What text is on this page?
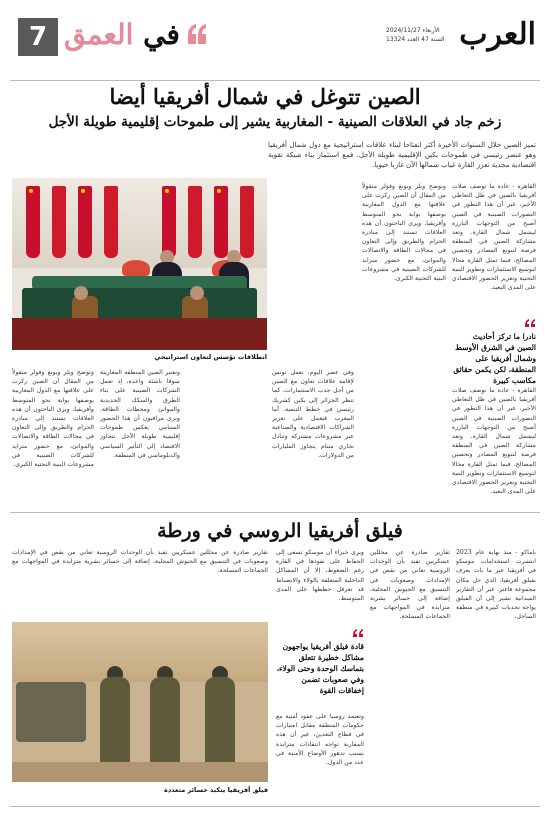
العرب
الأربعاء 2024/11/27
السنة 47 العدد 13324
7	في العمق
الصين تتوغل في شمال أفريقيا أيضا
زخم جاد في العلاقات الصينية - المغاربية يشير إلى طموحات إقليمية طويلة الأجل
تميز الصين خلال السنوات الأخيرة أكثر انفتاحا لبناء علاقات استراتيجية مع دول شمال أفريقيا وهو عنصر رئيسي في طموحات بكين الإقليمية طويلة الأجل. فمع استثمار بناء شبكة تقوية اقتصادية مجدية تعزز القارة غياب شمالها الآن غاربا حيويا.
انطلاقات تؤسس لتعاون استراتيجي
القاهرة - عادة ما توصف صلات أفريقيا بالصين في ظل التعاطي الأخير، غير أن هذا التطور في التصورات الصينية في الصين أصبح من التوجهات البارزة ليشمل شمال القارة. وتعد مشاركة الصين في المنطقة فرصة لتنويع المصادر وتحصين المصالح، فيما تمثل القارة مجالا لتوسيع الاستثمارات وتطوير البنية التحتية وتعزيز الحضور الاقتصادي على المدى البعيد.
وتوضح ويلز ويونغ وفولر منقولاً من المقال أن الصين ركزت على علاقتها مع الدول المغاربية بوصفها بوابة نحو المتوسط وأفريقيا. ويرى الباحثون أن هذه العلاقات تستند إلى مبادرة الحزام والطريق وإلى التعاون في مجالات الطاقة والاتصالات والموانئ، مع حضور متزايد للشركات الصينية في مشروعات البنية التحتية الكبرى.
نادرا ما تركز أحاديث الصين في الشرق الأوسط وشمال أفريقيا على المنطقة، لكن يكمن حقائق مكاسب كبيرة
القاهرة - عادة ما توصف صلات أفريقيا بالصين في ظل التعاطي الأخير، غير أن هذا التطور في التصورات الصينية في الصين أصبح من التوجهات البارزة ليشمل شمال القارة. وتعد مشاركة الصين في المنطقة فرصة لتنويع المصادر وتحصين المصالح، فيما تمثل القارة مجالا لتوسيع الاستثمارات وتطوير البنية التحتية وتعزيز الحضور الاقتصادي على المدى البعيد.
وفي عصر اليوم، تعمل تونس لإقامة علاقات تعاون مع الصين من أجل جذب الاستثمارات، كما تنظر الجزائر إلى بكين كشريك رئيسي في خطط التنمية. أما المغرب فيعمل على تعزيز الشراكات الاقتصادية والصناعية عبر مشروعات مشتركة وتبادل تجاري متنام يتجاوز المليارات من الدولارات.
وتعتبر الصين المنطقة المغاربية سوقا ناشئة واعدة، إذ تعمل الشركات الصينية على بناء الطرق والسكك الحديدية والموانئ ومحطات الطاقة. ويرى مراقبون أن هذا الحضور المتنامي يعكس طموحات إقليمية طويلة الأجل تتجاوز الاقتصاد إلى التأثير السياسي والدبلوماسي في المنطقة.
وتوضح ويلز ويونغ وفولر منقولاً من المقال أن الصين ركزت على علاقتها مع الدول المغاربية بوصفها بوابة نحو المتوسط وأفريقيا. ويرى الباحثون أن هذه العلاقات تستند إلى مبادرة الحزام والطريق وإلى التعاون في مجالات الطاقة والاتصالات والموانئ، مع حضور متزايد للشركات الصينية في مشروعات البنية التحتية الكبرى.
فيلق أفريقيا الروسي في ورطة
باماكو - منذ نهاية عام 2023 انتشرت استخدامات موسكو في أفريقيا عبر ما بات يعرف بفيلق أفريقيا، الذي حل مكان مجموعة فاغنر. غير أن التقارير الميدانية تشير إلى أن الفيلق يواجه تحديات كبيرة في منطقة الساحل.
تقارير صادرة عن محللين عسكريين تفيد بأن الوحدات الروسية تعاني من نقص في الإمدادات وصعوبات في التنسيق مع الجيوش المحلية، إضافة إلى خسائر بشرية متزايدة في المواجهات مع الجماعات المسلحة.
ويرى خبراء أن موسكو تسعى إلى الحفاظ على نفوذها في القارة رغم الضغوط، إلا أن المشاكل الداخلية المتعلقة بالولاء والانضباط قد تعرقل خططها على المدى المتوسط.
قادة فيلق أفريقيا يواجهون مشاكل خطيرة تتعلق بتماسك الوحدة وحتى الولاء، وفي صعوبات تضمن إخفاقات القوة
وتعتمد روسيا على عقود أمنية مع حكومات المنطقة مقابل امتيازات في قطاع التعدين، غير أن هذه المقاربة تواجه انتقادات متزايدة بسبب تدهور الأوضاع الأمنية في عدد من الدول.
تقارير صادرة عن محللين عسكريين تفيد بأن الوحدات الروسية تعاني من نقص في الإمدادات وصعوبات في التنسيق مع الجيوش المحلية، إضافة إلى خسائر بشرية متزايدة في المواجهات مع الجماعات المسلحة.
فيلق أفريقيا يتكبد خسائر متعددة
